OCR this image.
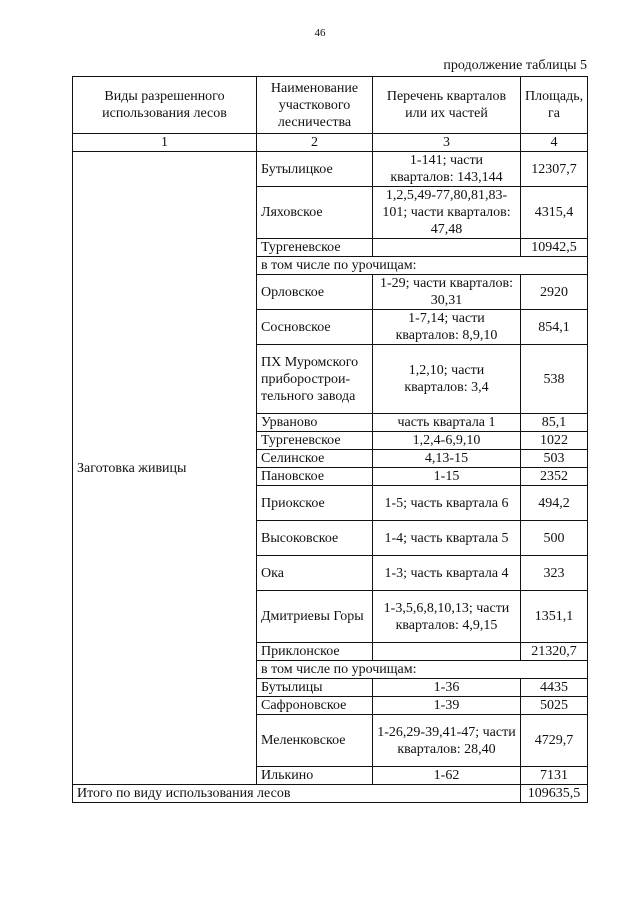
46
продолжение таблицы 5
Виды разрешенного использования лесов	Наименование участкового лесничества	Перечень кварталов или их частей	Площадь, га
1	2	3	4
Заготовка живицы	Бутылицкое	1-141; части кварталов: 143,144	12307,7
	Ляховское	1,2,5,49-77,80,81,83-101; части кварталов: 47,48	4315,4
	Тургеневское		10942,5
	в том числе по урочищам:		
	Орловское	1-29; части кварталов: 30,31	2920
	Сосновское	1-7,14; части кварталов: 8,9,10	854,1
	ПХ Муромского приборострои-тельного завода	1,2,10; части кварталов: 3,4	538
	Урваново	часть квартала 1	85,1
	Тургеневское	1,2,4-6,9,10	1022
	Селинское	4,13-15	503
	Пановское	1-15	2352
	Приокское	1-5; часть квартала 6	494,2
	Высоковское	1-4; часть квартала 5	500
	Ока	1-3; часть квартала 4	323
	Дмитриевы Горы	1-3,5,6,8,10,13; части кварталов: 4,9,15	1351,1
	Приклонское		21320,7
	в том числе по урочищам:		
	Бутылицы	1-36	4435
	Сафроновское	1-39	5025
	Меленковское	1-26,29-39,41-47; части кварталов: 28,40	4729,7
	Илькино	1-62	7131
Итого по виду использования лесов			109635,5
